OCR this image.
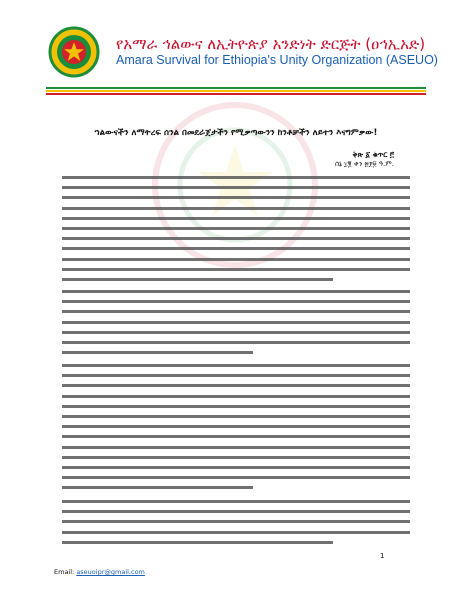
የአማራ ኅልውና ለኢትዮጵያ አንድነት ድርጅት (ዐኅኢአድ)
Amara Survival for Ethiopia's Unity Organization (ASEUO)
ኀልውናችን ለማትረፍ ሰንል በመደራጀታችን የሚቃጣውንን ከንቶቻችን ለይተን እናግምቃው!
ቅጽ ፩ ቁጥር ፫
ሰኔ ፲፪ ቀን ፳፻፱ ዓ.ም.
1
Email: aseuoipr@gmail.com
